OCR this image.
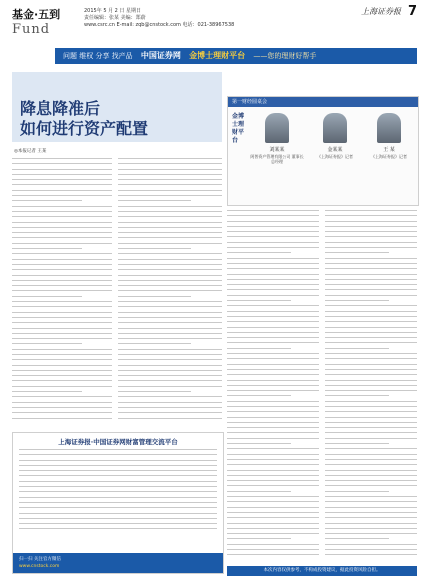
基金·五到
Fund
2015年 5 月 2 日 星期日
责任编辑：张某 美编：郑蔚
www.csrc.cn E-mail: zqb@cnstock.com 电话：021-38967538
上海证券报 7
问题 维权 分享 找产品 中国证券网 金博士理财平台 ——您的理财好帮手
降息降准后
如何进行资产配置
◎本报记者 王某
第一财经圆桌会
金博士理财平台
刘某某
阿普资产管理有限公司 董事长总经理
金某某
《上海证券报》记者
王 某
《上海证券报》记者
上海证券报·中国证券网财富管理交流平台
扫一扫 关注官方微信
www.cnstock.com
本次内容仅供参考，不构成投资建议，据此投资风险自担。
